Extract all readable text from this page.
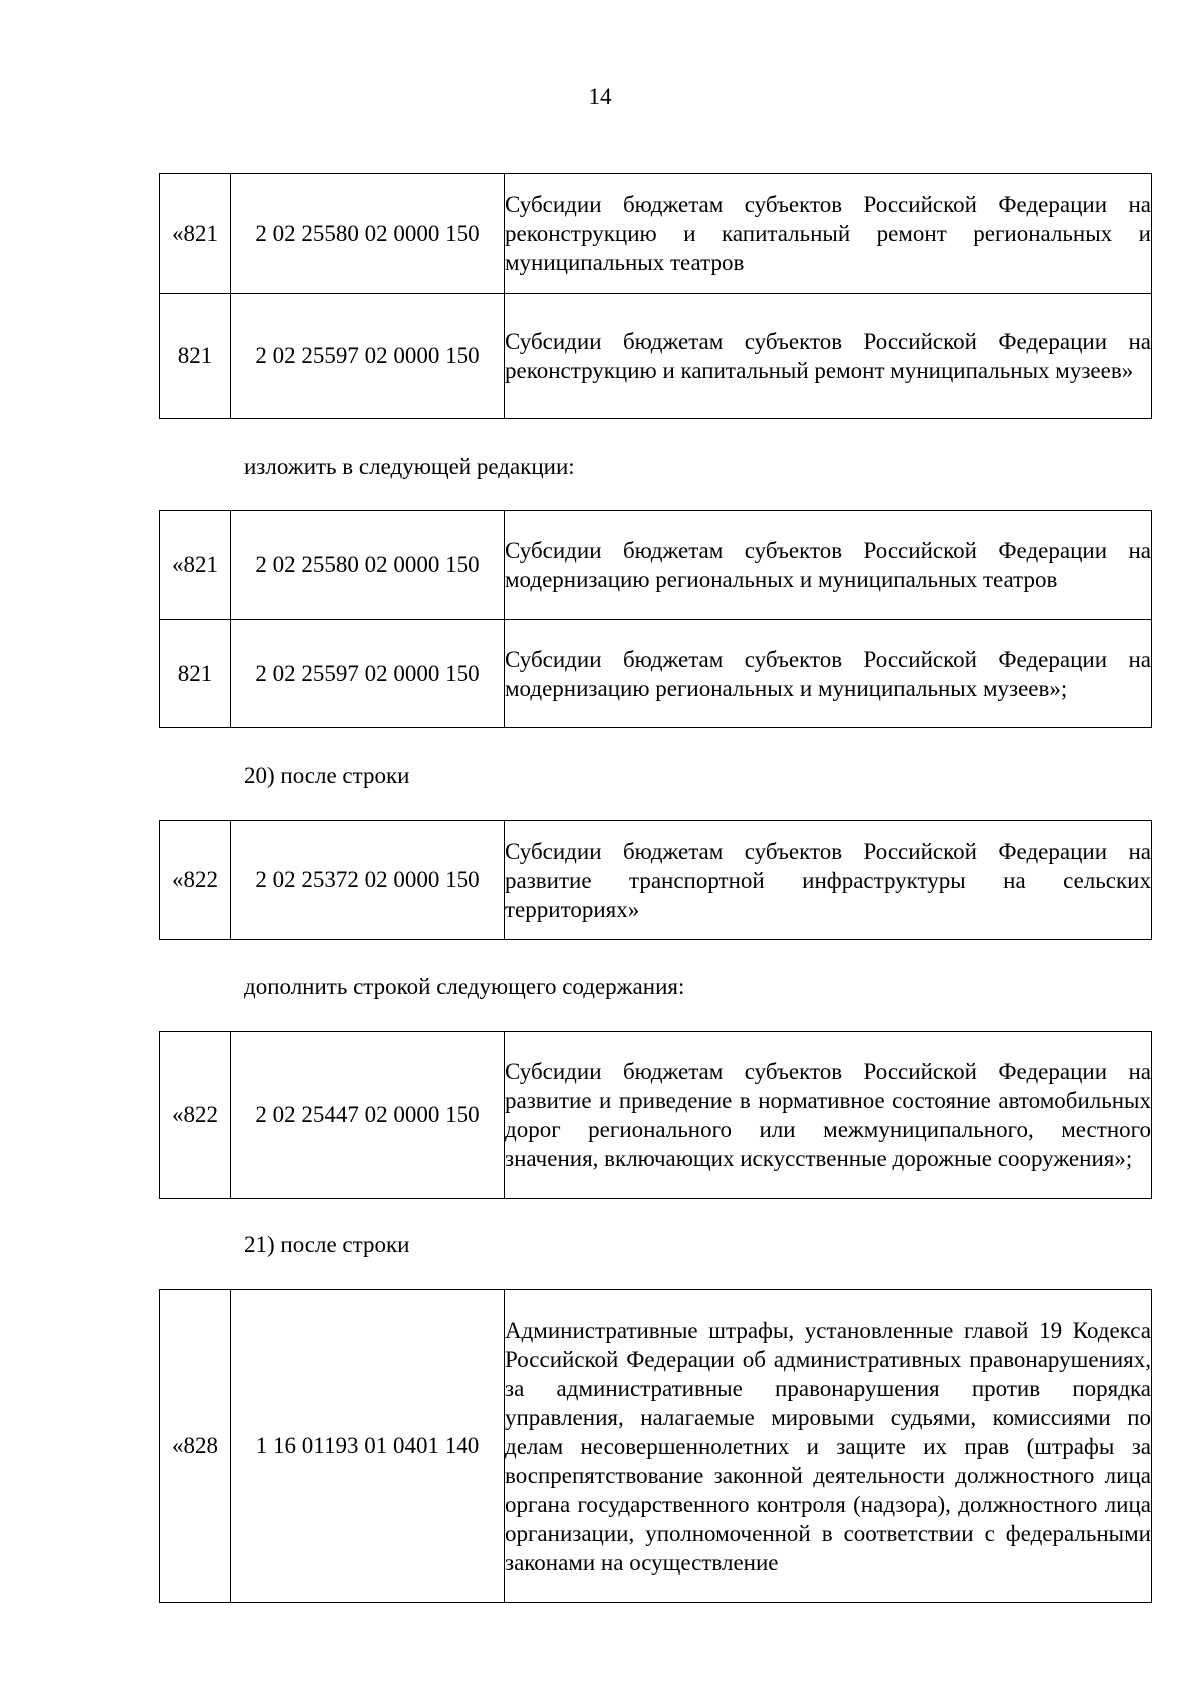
14
«821	2 02 25580 02 0000 150	Субсидии бюджетам субъектов Российской Федерации на реконструкцию и капитальный ремонт региональных и муниципальных театров
821	2 02 25597 02 0000 150	Субсидии бюджетам субъектов Российской Федерации на реконструкцию и капитальный ремонт муниципальных музеев»
изложить в следующей редакции:
«821	2 02 25580 02 0000 150	Субсидии бюджетам субъектов Российской Федерации на модернизацию региональных и муниципальных театров
821	2 02 25597 02 0000 150	Субсидии бюджетам субъектов Российской Федерации на модернизацию региональных и муниципальных музеев»;
20) после строки
«822	2 02 25372 02 0000 150	Субсидии бюджетам субъектов Российской Федерации на развитие транспортной инфраструктуры на сельских территориях»
дополнить строкой следующего содержания:
«822	2 02 25447 02 0000 150	Субсидии бюджетам субъектов Российской Федерации на развитие и приведение в нормативное состояние автомобильных дорог регионального или межмуниципального, местного значения, включающих искусственные дорожные сооружения»;
21) после строки
«828	1 16 01193 01 0401 140	Административные штрафы, установленные главой 19 Кодекса Российской Федерации об административных правонарушениях, за административные правонарушения против порядка управления, налагаемые мировыми судьями, комиссиями по делам несовершеннолетних и защите их прав (штрафы за воспрепятствование законной деятельности должностного лица органа государственного контроля (надзора), должностного лица организации, уполномоченной в соответствии с федеральными законами на осуществление
